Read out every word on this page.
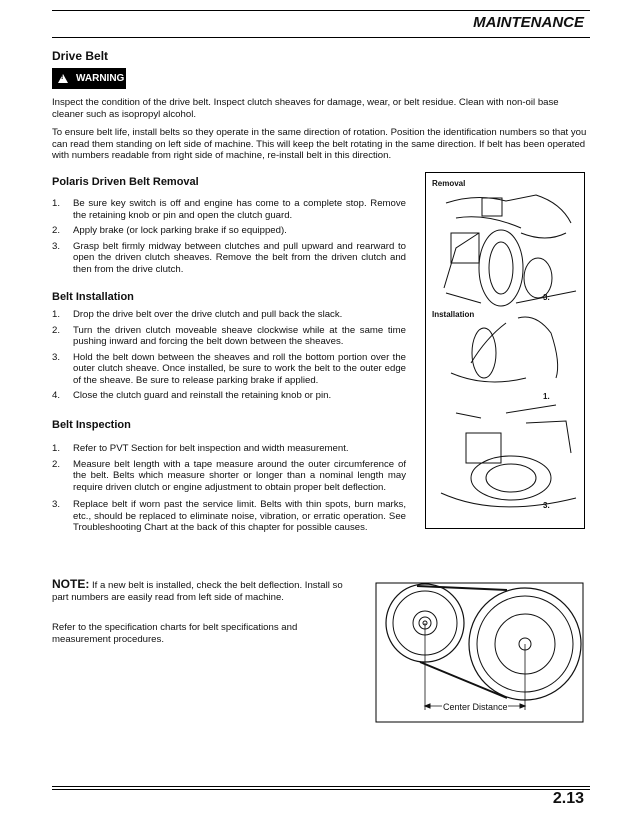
MAINTENANCE
Drive Belt
!
WARNING
Inspect the condition of the drive belt. Inspect clutch sheaves for damage, wear, or belt residue. Clean with non-oil base cleaner such as isopropyl alcohol.
To ensure belt life, install belts so they operate in the same direction of rotation. Position the identification numbers so that you can read them standing on left side of machine. This will keep the belt rotating in the same direction. If belt has been operated with numbers readable from right side of machine, re-install belt in this direction.
Polaris Driven Belt Removal
1. Be sure key switch is off and engine has come to a complete stop. Remove the retaining knob or pin and open the clutch guard.
2. Apply brake (or lock parking brake if so equipped).
3. Grasp belt firmly midway between clutches and pull upward and rearward to open the driven clutch sheaves. Remove the belt from the driven clutch and then from the drive clutch.
Belt Installation
1. Drop the drive belt over the drive clutch and pull back the slack.
2. Turn the driven clutch moveable sheave clockwise while at the same time pushing inward and forcing the belt down between the sheaves.
3. Hold the belt down between the sheaves and roll the bottom portion over the outer clutch sheave. Once installed, be sure to work the belt to the outer edge of the sheave. Be sure to release parking brake if applied.
4. Close the clutch guard and reinstall the retaining knob or pin.
Belt Inspection
1. Refer to PVT Section for belt inspection and width measurement.
2. Measure belt length with a tape measure around the outer circumference of the belt. Belts which measure shorter or longer than a nominal length may require driven clutch or engine adjustment to obtain proper belt deflection.
3. Replace belt if worn past the service limit. Belts with thin spots, burn marks, etc., should be replaced to eliminate noise, vibration, or erratic operation. See Troubleshooting Chart at the back of this chapter for possible causes.
NOTE: If a new belt is installed, check the belt deflection. Install so part numbers are easily read from left side of machine.
Refer to the specification charts for belt specifications and measurement procedures.
Removal
3.
Installation
1.
3.
Center Distance
2.13
